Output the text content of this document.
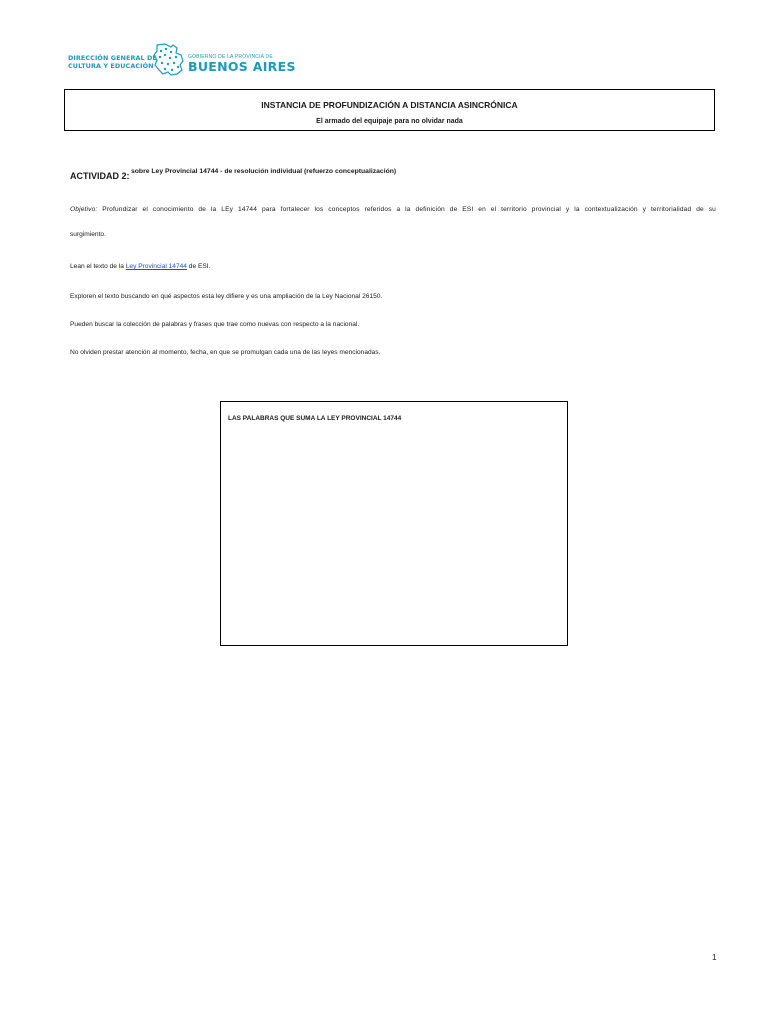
DIRECCIÓN GENERAL DE
CULTURA Y EDUCACIÓN
GOBIERNO DE LA PROVINCIA DE
BUENOS AIRES
INSTANCIA DE PROFUNDIZACIÓN A DISTANCIA ASINCRÓNICA
El armado del equipaje para no olvidar nada
ACTIVIDAD 2: sobre Ley Provincial 14744 - de resolución individual (refuerzo conceptualización)
Objetivo: Profundizar el conocimiento de la LEy 14744 para fortalecer los conceptos referidos a la definición de ESI en el territorio provincial y la contextualización y territorialidad de su
surgimiento.
Lean el texto de la Ley Provincial 14744 de ESI.
Exploren el texto buscando en qué aspectos esta ley difiere y es una ampliación de la Ley Nacional 26150.
Pueden buscar la colección de palabras y frases que trae como nuevas con respecto a la nacional.
No olviden prestar atención al momento, fecha, en que se promulgan cada una de las leyes mencionadas.
LAS PALABRAS QUE SUMA LA LEY PROVINCIAL 14744
1
